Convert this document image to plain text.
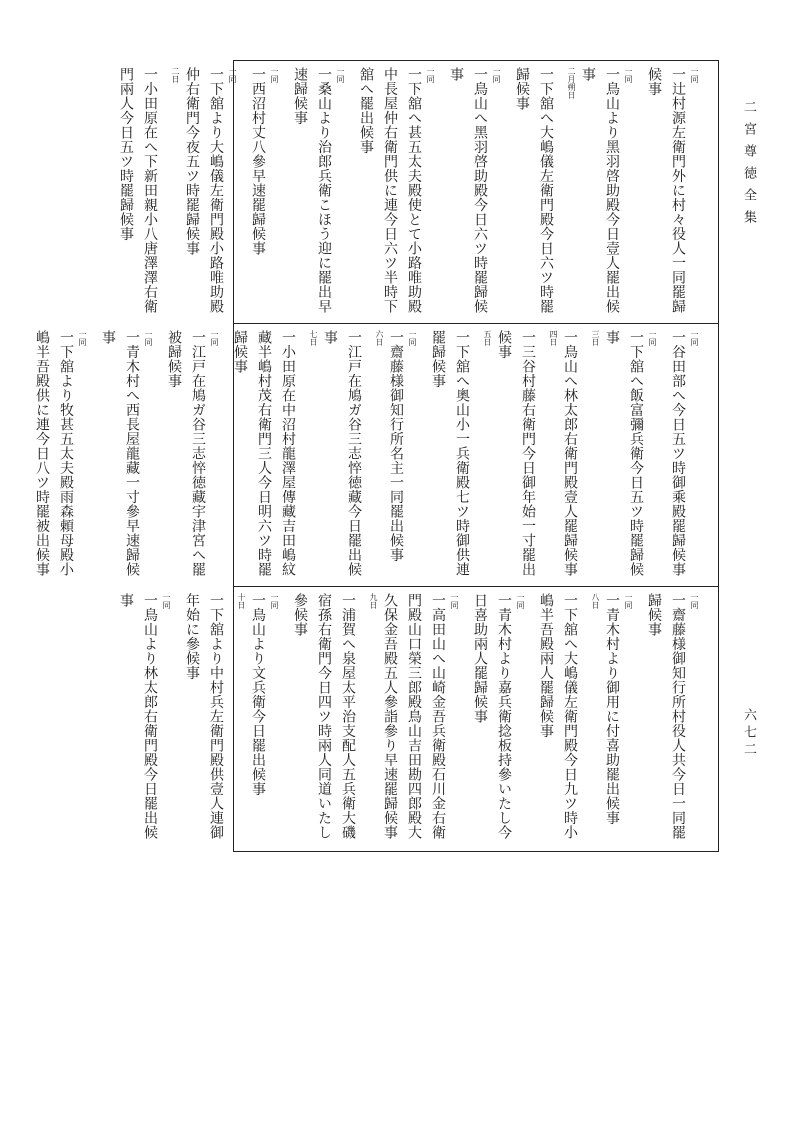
二宮尊徳全集
六七二
一同
一辻村源左衛門外に村々役人一同罷歸候事
一同
一鳥山より黑羽啓助殿今日壹人罷出候事
二月朔日
一下舘へ大嶋儀左衛門殿今日六ツ時罷歸候事
一同
一鳥山へ黑羽啓助殿今日六ツ時罷歸候事
一同
一下舘へ甚五太夫殿使とて小路唯助殿中長屋仲右衛門供に連今日六ツ半時下舘へ罷出候事
一同
一桑山より治郎兵衛こほう迎に罷出早速歸候事
一同
一西沼村丈八參早速罷歸候事
一同
一下舘より大嶋儀左衛門殿小路唯助殿仲右衛門今夜五ツ時罷歸候事
二日
一小田原在へ下新田親小八唐澤澤右衛門兩人今日五ツ時罷歸候事
一同
一谷田部へ今日五ツ時御乘殿罷歸候事
一同
一下舘へ飯富彌兵衛今日五ツ時罷歸候事
三日
一鳥山へ林太郎右衛門殿壹人罷歸候事
四日
一三谷村藤右衛門今日御年始一寸罷出候事
五日
一下舘へ奧山小一兵衛殿七ツ時御供連罷歸候事
一同
一齋藤様御知行所名主一同罷出候事
六日
一江戸在鳩ガ谷三志悴徳藏今日罷出候事
七日
一小田原在中沼村龍澤屋傳藏吉田嶋紋藏半嶋村茂右衛門三人今日明六ツ時罷歸候事
一同
一江戸在鳩ガ谷三志悴徳藏宇津宮へ罷被歸候事
一同
一青木村へ西長屋龍藏一寸參早速歸候事
一同
一下舘より牧甚五太夫殿雨森頼母殿小嶋半吾殿供に連今日八ツ時罷被出候事
一同
一齋藤様御知行所村役人共今日一同罷歸候事
一同
一青木村より御用に付喜助罷出候事
八日
一下舘へ大嶋儀左衛門殿今日九ツ時小嶋半吾殿兩人罷歸候事
一同
一青木村より嘉兵衛捻板持參いたし今日喜助兩人罷歸候事
一同
一高田山へ山崎金吾兵衛殿石川金右衛門殿山口榮三郎殿鳥山吉田勘四郎殿大久保金吾殿五人參詣參り早速罷歸候事
九日
一浦賀へ泉屋太平治支配人五兵衛大磯宿孫右衛門今日四ツ時兩人同道いたし參候事
一同
一鳥山より文兵衛今日罷出候事
十日
一下舘より中村兵左衛門殿供壹人連御年始に參候事
一同
一鳥山より林太郎右衛門殿今日罷出候事
